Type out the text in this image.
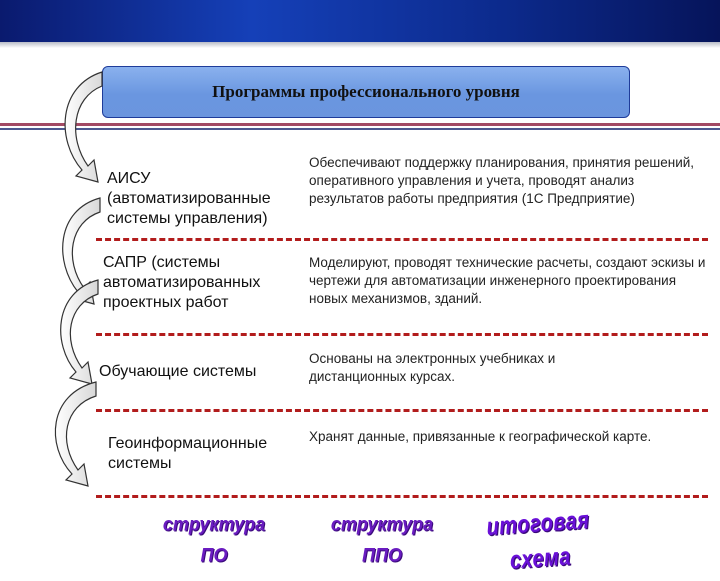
Программы профессионального уровня

АИСУ
(автоматизированные
системы управления)

Обеспечивают поддержку планирования, принятия решений, оперативного управления и учета, проводят анализ результатов работы предприятия (1С Предприятие)

САПР (системы
автоматизированных
проектных работ

Моделируют, проводят технические расчеты, создают эскизы и чертежи для автоматизации инженерного проектирования новых механизмов, зданий.

Обучающие системы

Основаны на электронных учебниках и дистанционных курсах.

Геоинформационные
системы

Хранят данные, привязанные к географической карте.

структура ПО
структура ППО
итоговая схема
